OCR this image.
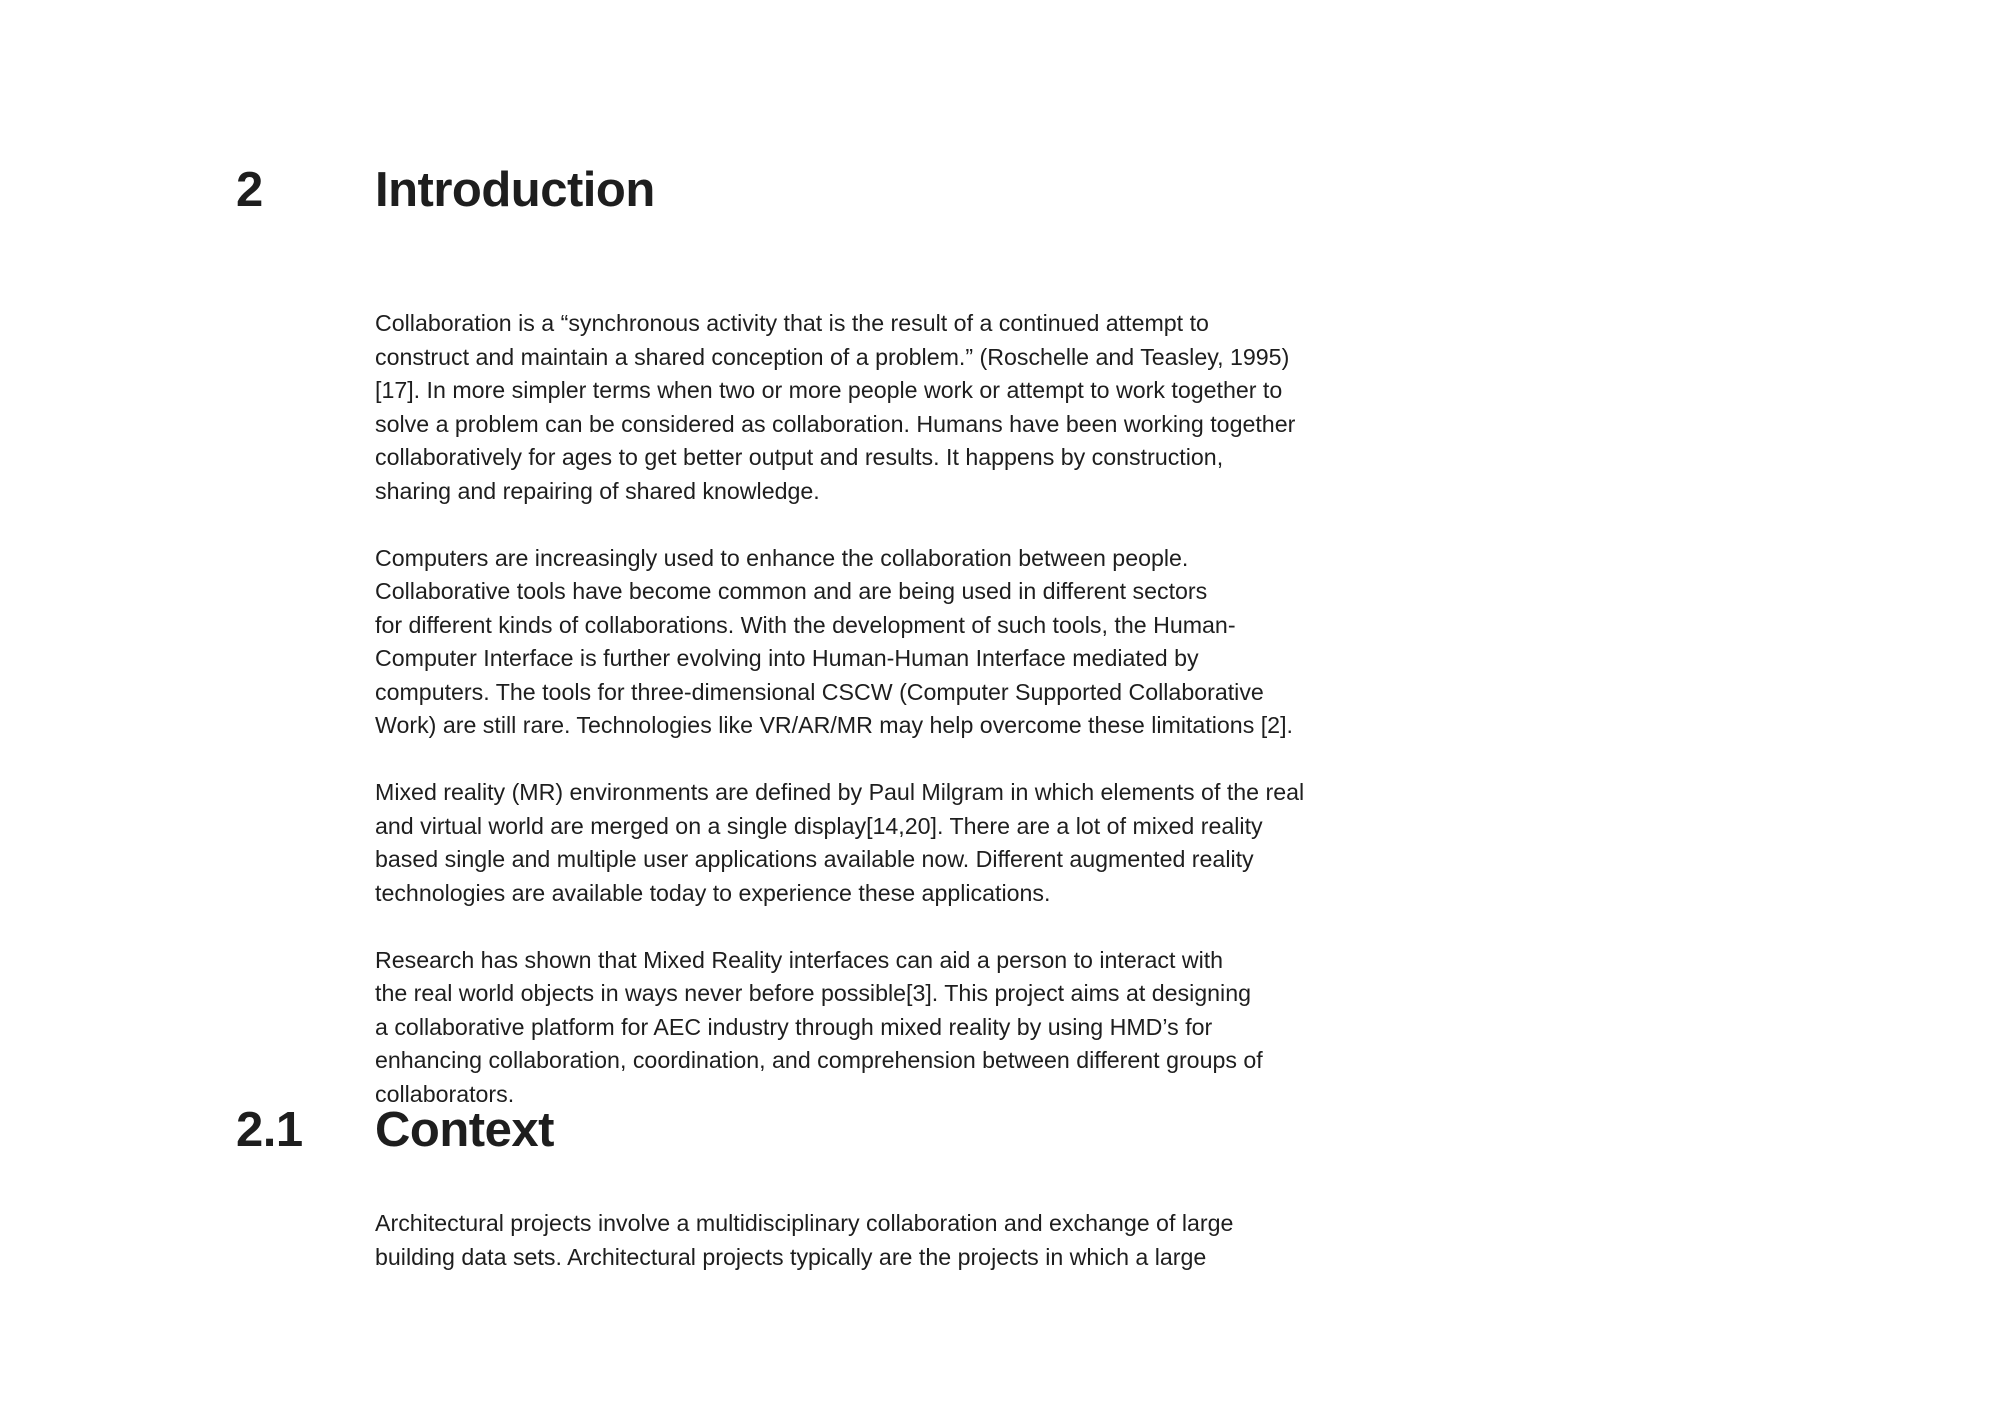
2 Introduction

Collaboration is a “synchronous activity that is the result of a continued attempt to
construct and maintain a shared conception of a problem.” (Roschelle and Teasley, 1995)
[17]. In more simpler terms when two or more people work or attempt to work together to
solve a problem can be considered as collaboration. Humans have been working together
collaboratively for ages to get better output and results. It happens by construction,
sharing and repairing of shared knowledge.

Computers are increasingly used to enhance the collaboration between people.
Collaborative tools have become common and are being used in different sectors
for different kinds of collaborations. With the development of such tools, the Human-
Computer Interface is further evolving into Human-Human Interface mediated by
computers. The tools for three-dimensional CSCW (Computer Supported Collaborative
Work) are still rare. Technologies like VR/AR/MR may help overcome these limitations [2].

Mixed reality (MR) environments are defined by Paul Milgram in which elements of the real
and virtual world are merged on a single display[14,20]. There are a lot of mixed reality
based single and multiple user applications available now. Different augmented reality
technologies are available today to experience these applications.

Research has shown that Mixed Reality interfaces can aid a person to interact with
the real world objects in ways never before possible[3]. This project aims at designing
a collaborative platform for AEC industry through mixed reality by using HMD’s for
enhancing collaboration, coordination, and comprehension between different groups of
collaborators.

2.1 Context

Architectural projects involve a multidisciplinary collaboration and exchange of large
building data sets. Architectural projects typically are the projects in which a large
